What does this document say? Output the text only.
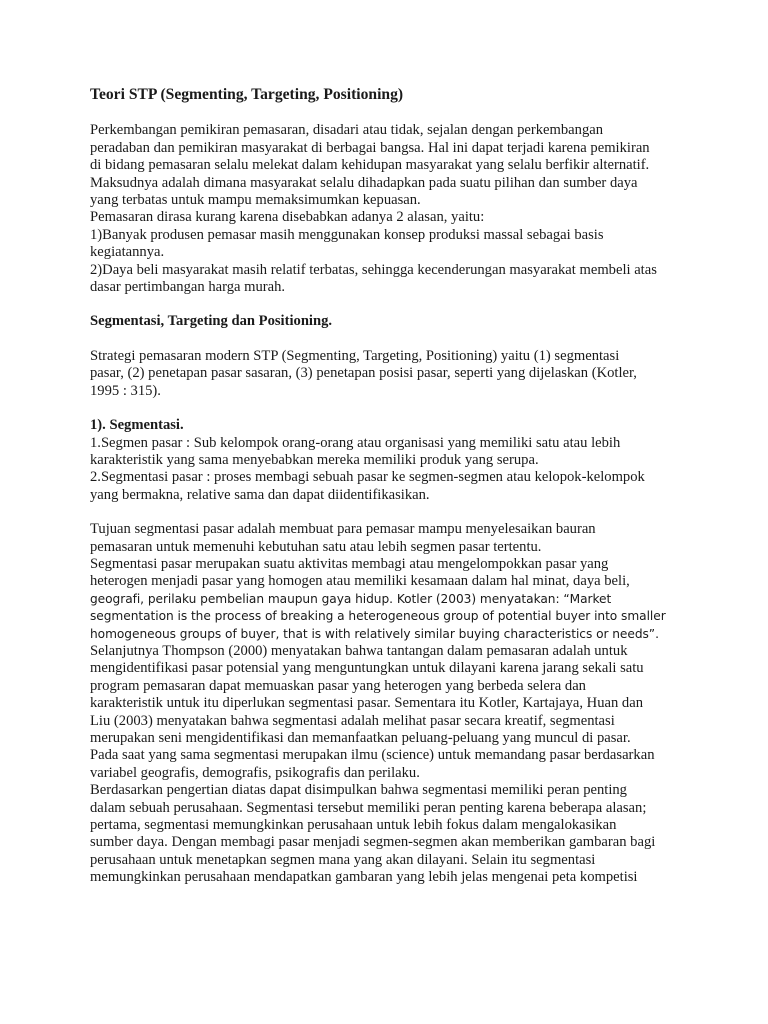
Teori STP (Segmenting, Targeting, Positioning)

Perkembangan pemikiran pemasaran, disadari atau tidak, sejalan dengan perkembangan

peradaban dan pemikiran masyarakat di berbagai bangsa. Hal ini dapat terjadi karena pemikiran

di bidang pemasaran selalu melekat dalam kehidupan masyarakat yang selalu berfikir alternatif.

Maksudnya adalah dimana masyarakat selalu dihadapkan pada suatu pilihan dan sumber daya

yang terbatas untuk mampu memaksimumkan kepuasan.

Pemasaran dirasa kurang karena disebabkan adanya 2 alasan, yaitu:

1)Banyak produsen pemasar masih menggunakan konsep produksi massal sebagai basis

kegiatannya.

2)Daya beli masyarakat masih relatif terbatas, sehingga kecenderungan masyarakat membeli atas

dasar pertimbangan harga murah.

Segmentasi, Targeting dan Positioning.

Strategi pemasaran modern STP (Segmenting, Targeting, Positioning) yaitu (1) segmentasi

pasar, (2) penetapan pasar sasaran, (3) penetapan posisi pasar, seperti yang dijelaskan (Kotler,

1995 : 315).

1). Segmentasi.

1.Segmen pasar : Sub kelompok orang-orang atau organisasi yang memiliki satu atau lebih

karakteristik yang sama menyebabkan mereka memiliki produk yang serupa.

2.Segmentasi pasar : proses membagi sebuah pasar ke segmen-segmen atau kelopok-kelompok

yang bermakna, relative sama dan dapat diidentifikasikan.

Tujuan segmentasi pasar adalah membuat para pemasar mampu menyelesaikan bauran

pemasaran untuk memenuhi kebutuhan satu atau lebih segmen pasar tertentu.

Segmentasi pasar merupakan suatu aktivitas membagi atau mengelompokkan pasar yang

heterogen menjadi pasar yang homogen atau memiliki kesamaan dalam hal minat, daya beli,

geografi, perilaku pembelian maupun gaya hidup. Kotler (2003) menyatakan: “Market

segmentation is the process of breaking a heterogeneous group of potential buyer into smaller

homogeneous groups of buyer, that is with relatively similar buying characteristics or needs”.

Selanjutnya Thompson (2000) menyatakan bahwa tantangan dalam pemasaran adalah untuk

mengidentifikasi pasar potensial yang menguntungkan untuk dilayani karena jarang sekali satu

program pemasaran dapat memuaskan pasar yang heterogen yang berbeda selera dan

karakteristik untuk itu diperlukan segmentasi pasar. Sementara itu Kotler, Kartajaya, Huan dan

Liu (2003) menyatakan bahwa segmentasi adalah melihat pasar secara kreatif, segmentasi

merupakan seni mengidentifikasi dan memanfaatkan peluang-peluang yang muncul di pasar.

Pada saat yang sama segmentasi merupakan ilmu (science) untuk memandang pasar berdasarkan

variabel geografis, demografis, psikografis dan perilaku.

Berdasarkan pengertian diatas dapat disimpulkan bahwa segmentasi memiliki peran penting

dalam sebuah perusahaan. Segmentasi tersebut memiliki peran penting karena beberapa alasan;

pertama, segmentasi memungkinkan perusahaan untuk lebih fokus dalam mengalokasikan

sumber daya. Dengan membagi pasar menjadi segmen-segmen akan memberikan gambaran bagi

perusahaan untuk menetapkan segmen mana yang akan dilayani. Selain itu segmentasi

memungkinkan perusahaan mendapatkan gambaran yang lebih jelas mengenai peta kompetisi
